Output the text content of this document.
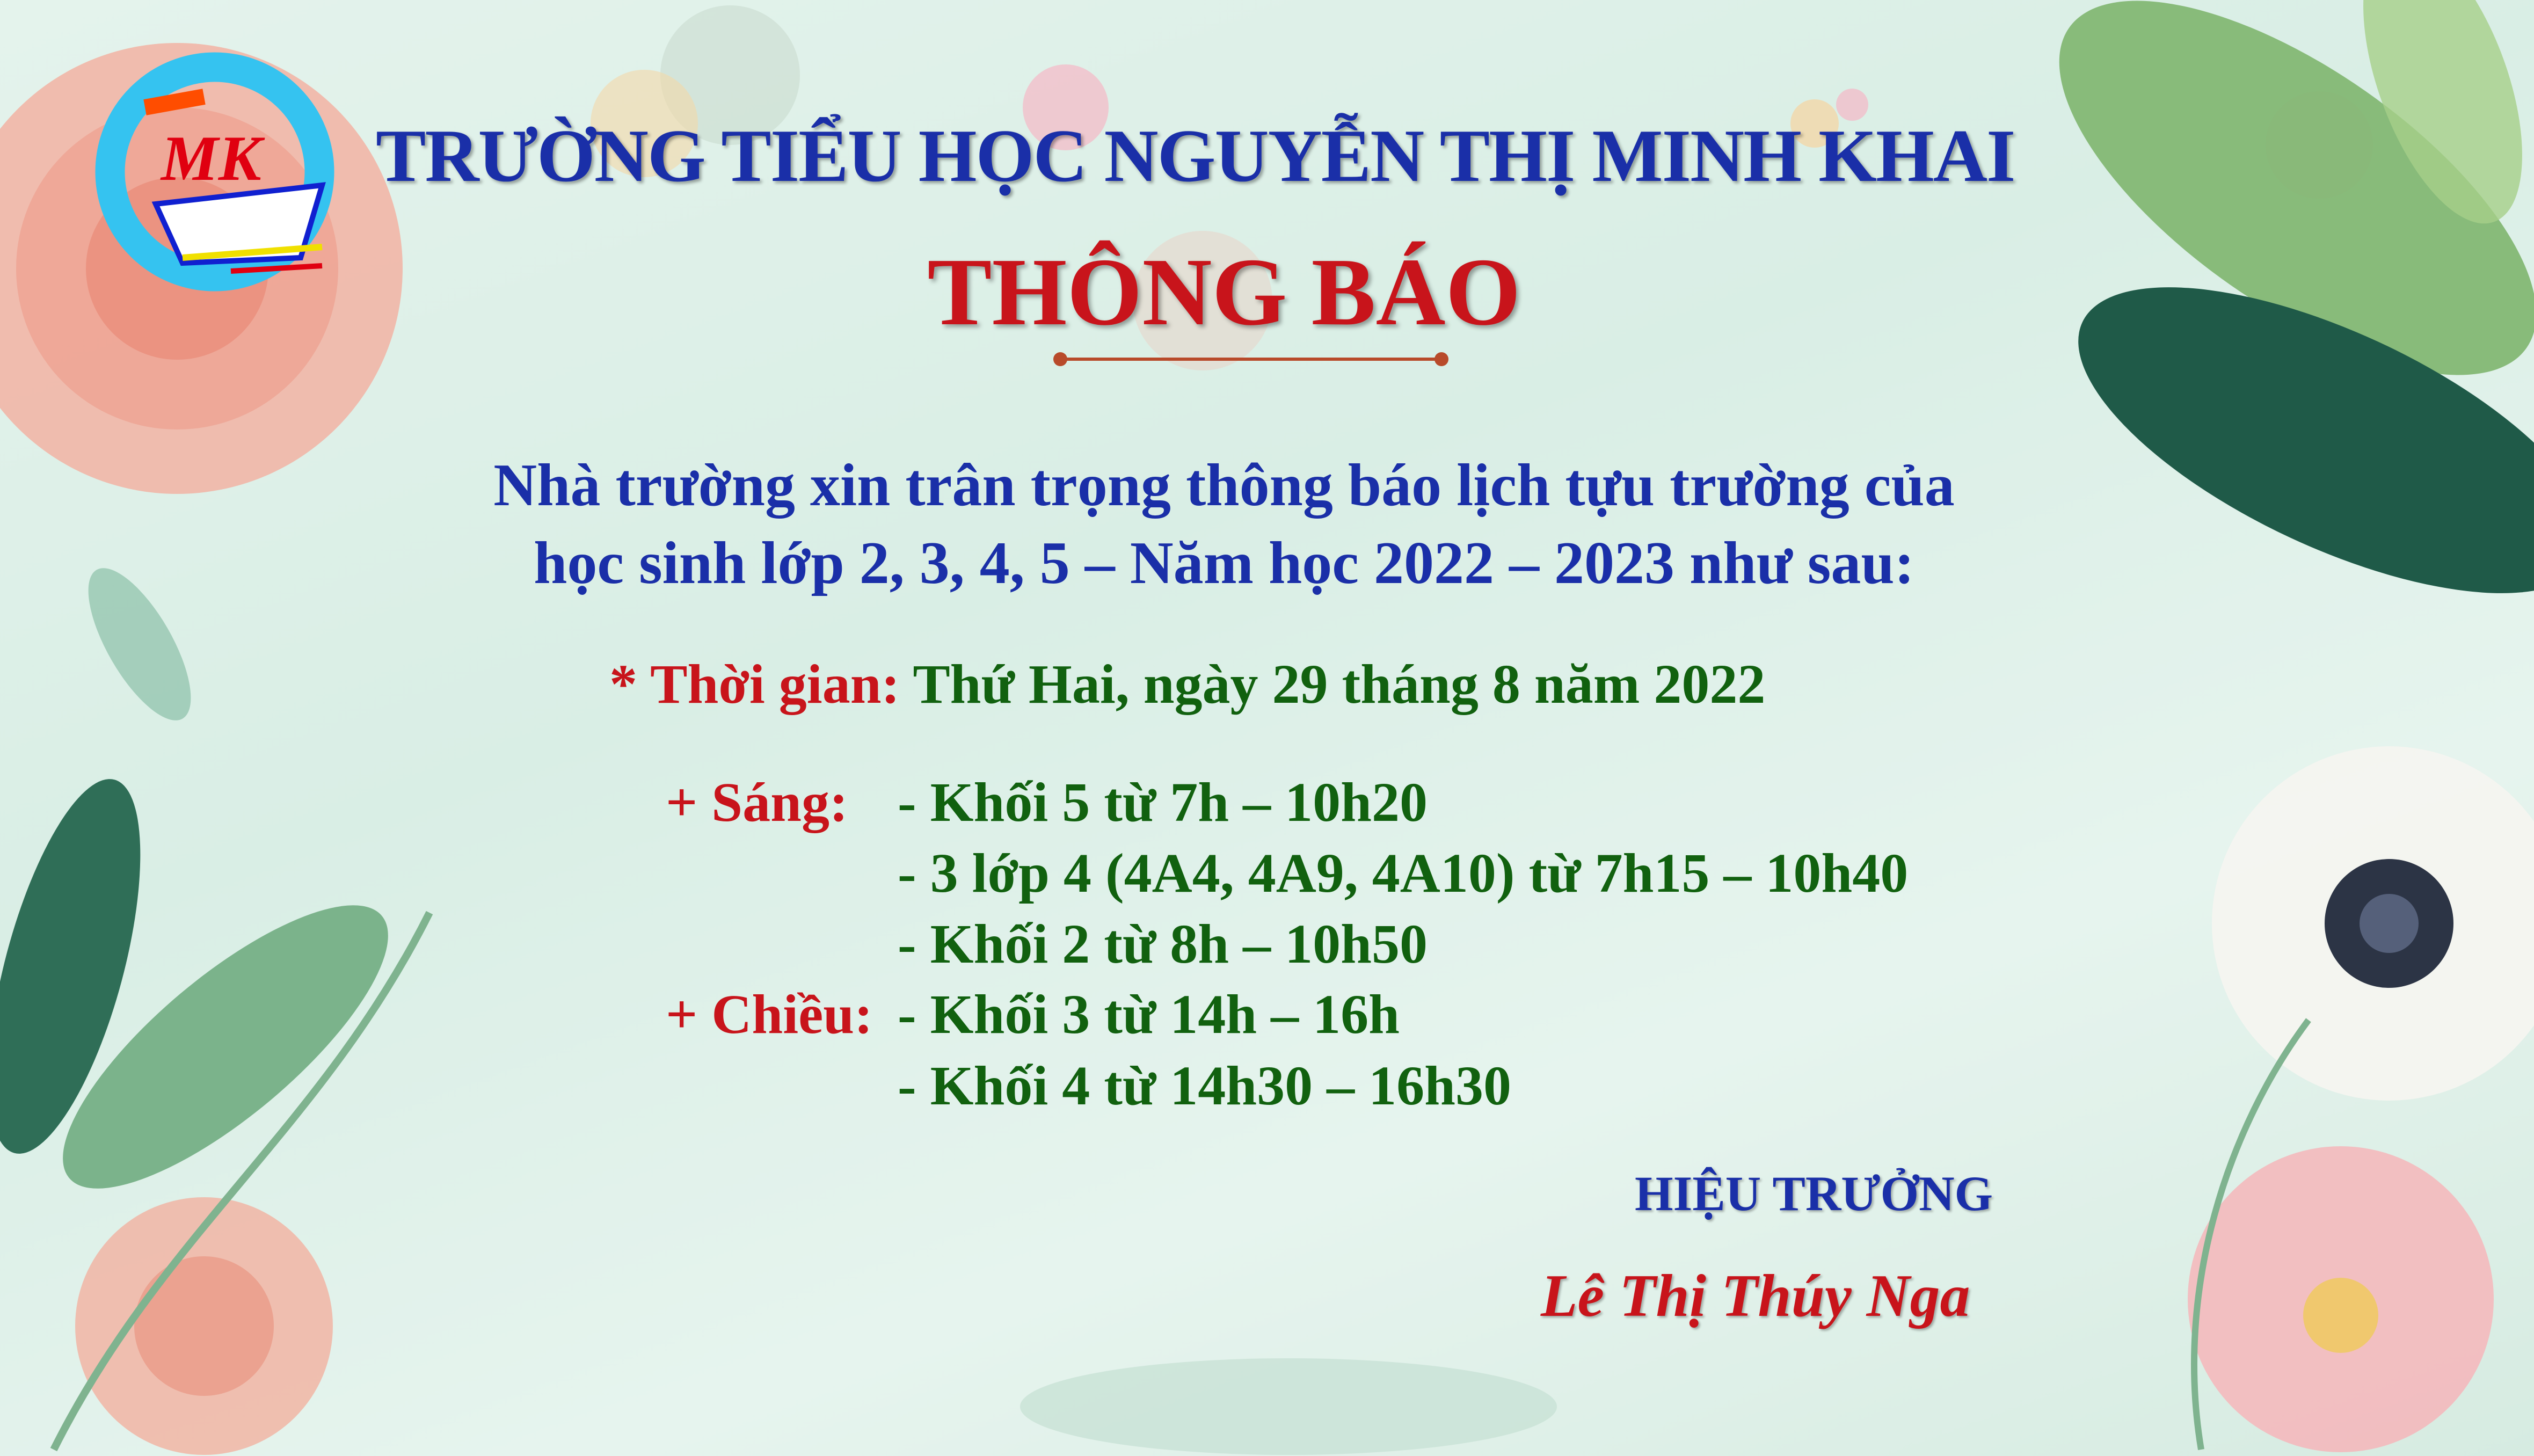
MK TRƯỜNG TIỂU HỌC NGUYỄN THỊ MINH KHAI
THÔNG BÁO
Nhà trường xin trân trọng thông báo lịch tựu trường của
học sinh lớp 2, 3, 4, 5 – Năm học 2022 – 2023 như sau:
* Thời gian: Thứ Hai, ngày 29 tháng 8 năm 2022
+ Sáng: - Khối 5 từ 7h – 10h20
- 3 lớp 4 (4A4, 4A9, 4A10) từ 7h15 – 10h40
- Khối 2 từ 8h – 10h50
+ Chiều: - Khối 3 từ 14h – 16h
- Khối 4 từ 14h30 – 16h30
HIỆU TRƯỞNG
Lê Thị Thúy Nga
